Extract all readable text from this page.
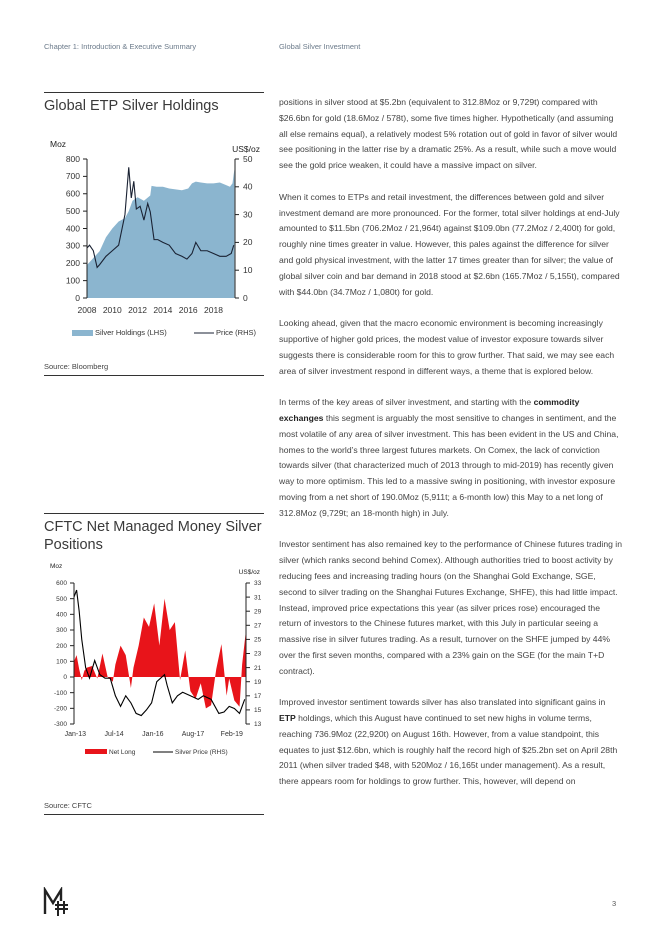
Chapter 1: Introduction & Executive Summary	Global Silver Investment
Global ETP Silver Holdings
0
100
200
300
400
500
600
700
800
0
10
20
30
40
50
2008 2010 2012 2014 2016 2018
Moz	US$/oz
Silver Holdings (LHS)	Price (RHS)
Source: Bloomberg
CFTC Net Managed Money Silver Positions
-300
-200
-100
0
100
200
300
400
500
600
13
15
17
19
21
23
25
27
29
31
33
Jan-13	Jul-14	Jan-16	Aug-17 Feb-19
Moz
US$/oz
Net Long	Silver Price (RHS)
Source: CFTC

positions in silver stood at $5.2bn (equivalent to 312.8Moz or 9,729t) compared with $26.6bn for gold (18.6Moz / 578t), some five times higher. Hypothetically (and assuming all else remains equal), a relatively modest 5% rotation out of gold in favor of silver would see positioning in the latter rise by a dramatic 25%. As a result, while such a move would see the gold price weaken, it could have a massive impact on silver.

When it comes to ETPs and retail investment, the differences between gold and silver investment demand are more pronounced. For the former, total silver holdings at end-July amounted to $11.5bn (706.2Moz / 21,964t) against $109.0bn (77.2Moz / 2,400t) for gold, roughly nine times greater in value. However, this pales against the difference for silver and gold physical investment, with the latter 17 times greater than for silver; the value of global silver coin and bar demand in 2018 stood at $2.6bn (165.7Moz / 5,155t), compared with $44.0bn (34.7Moz / 1,080t) for gold.

Looking ahead, given that the macro economic environment is becoming increasingly supportive of higher gold prices, the modest value of investor exposure towards silver suggests there is considerable room for this to grow further. That said, we may see each area of silver investment respond in different ways, a theme that is explored below.

In terms of the key areas of silver investment, and starting with the commodity exchanges this segment is arguably the most sensitive to changes in sentiment, and the most volatile of any area of silver investment. This has been evident in the US and China, homes to the world’s three largest futures markets. On Comex, the lack of conviction towards silver (that characterized much of 2013 through to mid-2019) has recently given way to more optimism. This led to a massive swing in positioning, with investor exposure moving from a net short of 190.0Moz (5,911t; a 6-month low) this May to a net long of 312.8Moz (9,729t; an 18-month high) in July.

Investor sentiment has also remained key to the performance of Chinese futures trading in silver (which ranks second behind Comex). Although authorities tried to boost activity by reducing fees and increasing trading hours (on the Shanghai Gold Exchange, SGE, second to silver trading on the Shanghai Futures Exchange, SHFE), this had little impact. Instead, improved price expectations this year (as silver prices rose) encouraged the return of investors to the Chinese futures market, with this July in particular seeing a massive rise in silver futures trading. As a result, turnover on the SHFE jumped by 44% over the first seven months, compared with a 23% gain on the SGE (for the main T+D contract).

Improved investor sentiment towards silver has also translated into significant gains in ETP holdings, which this August have continued to set new highs in volume terms, reaching 736.9Moz (22,920t) on August 16th. However, from a value standpoint, this equates to just $12.6bn, which is roughly half the record high of $25.2bn set on April 28th 2011 (when silver traded $48, with 520Moz / 16,165t under management). As a result, there appears room for holdings to grow further. This, however, will depend on

3
